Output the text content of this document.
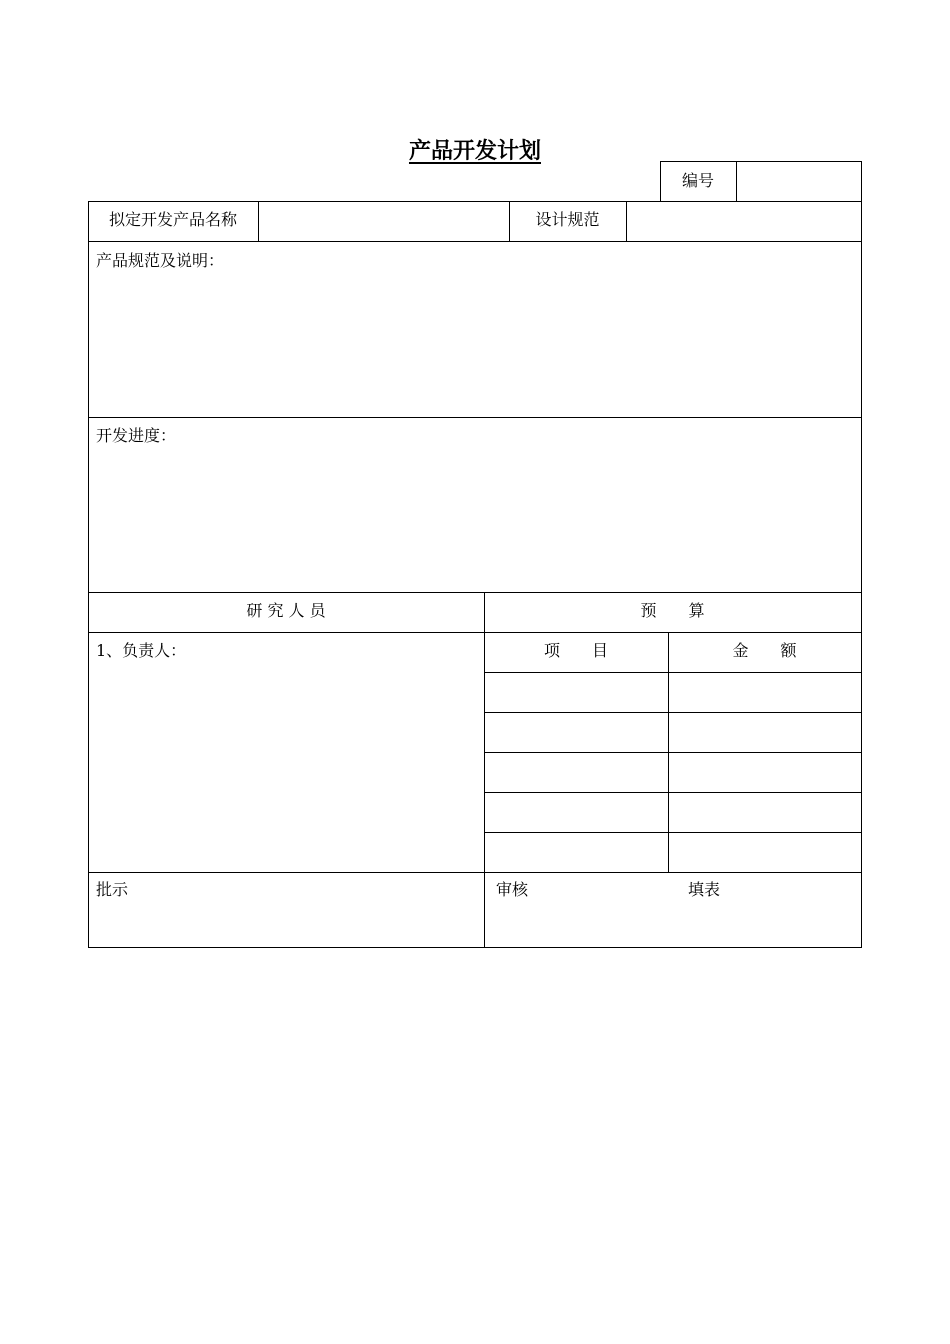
产品开发计划
编号
拟定开发产品名称	设计规范
产品规范及说明：
开发进度：
研 究 人 员	预　　算
1、负责人：	项　　目	金　　额
批示	审核	填表
